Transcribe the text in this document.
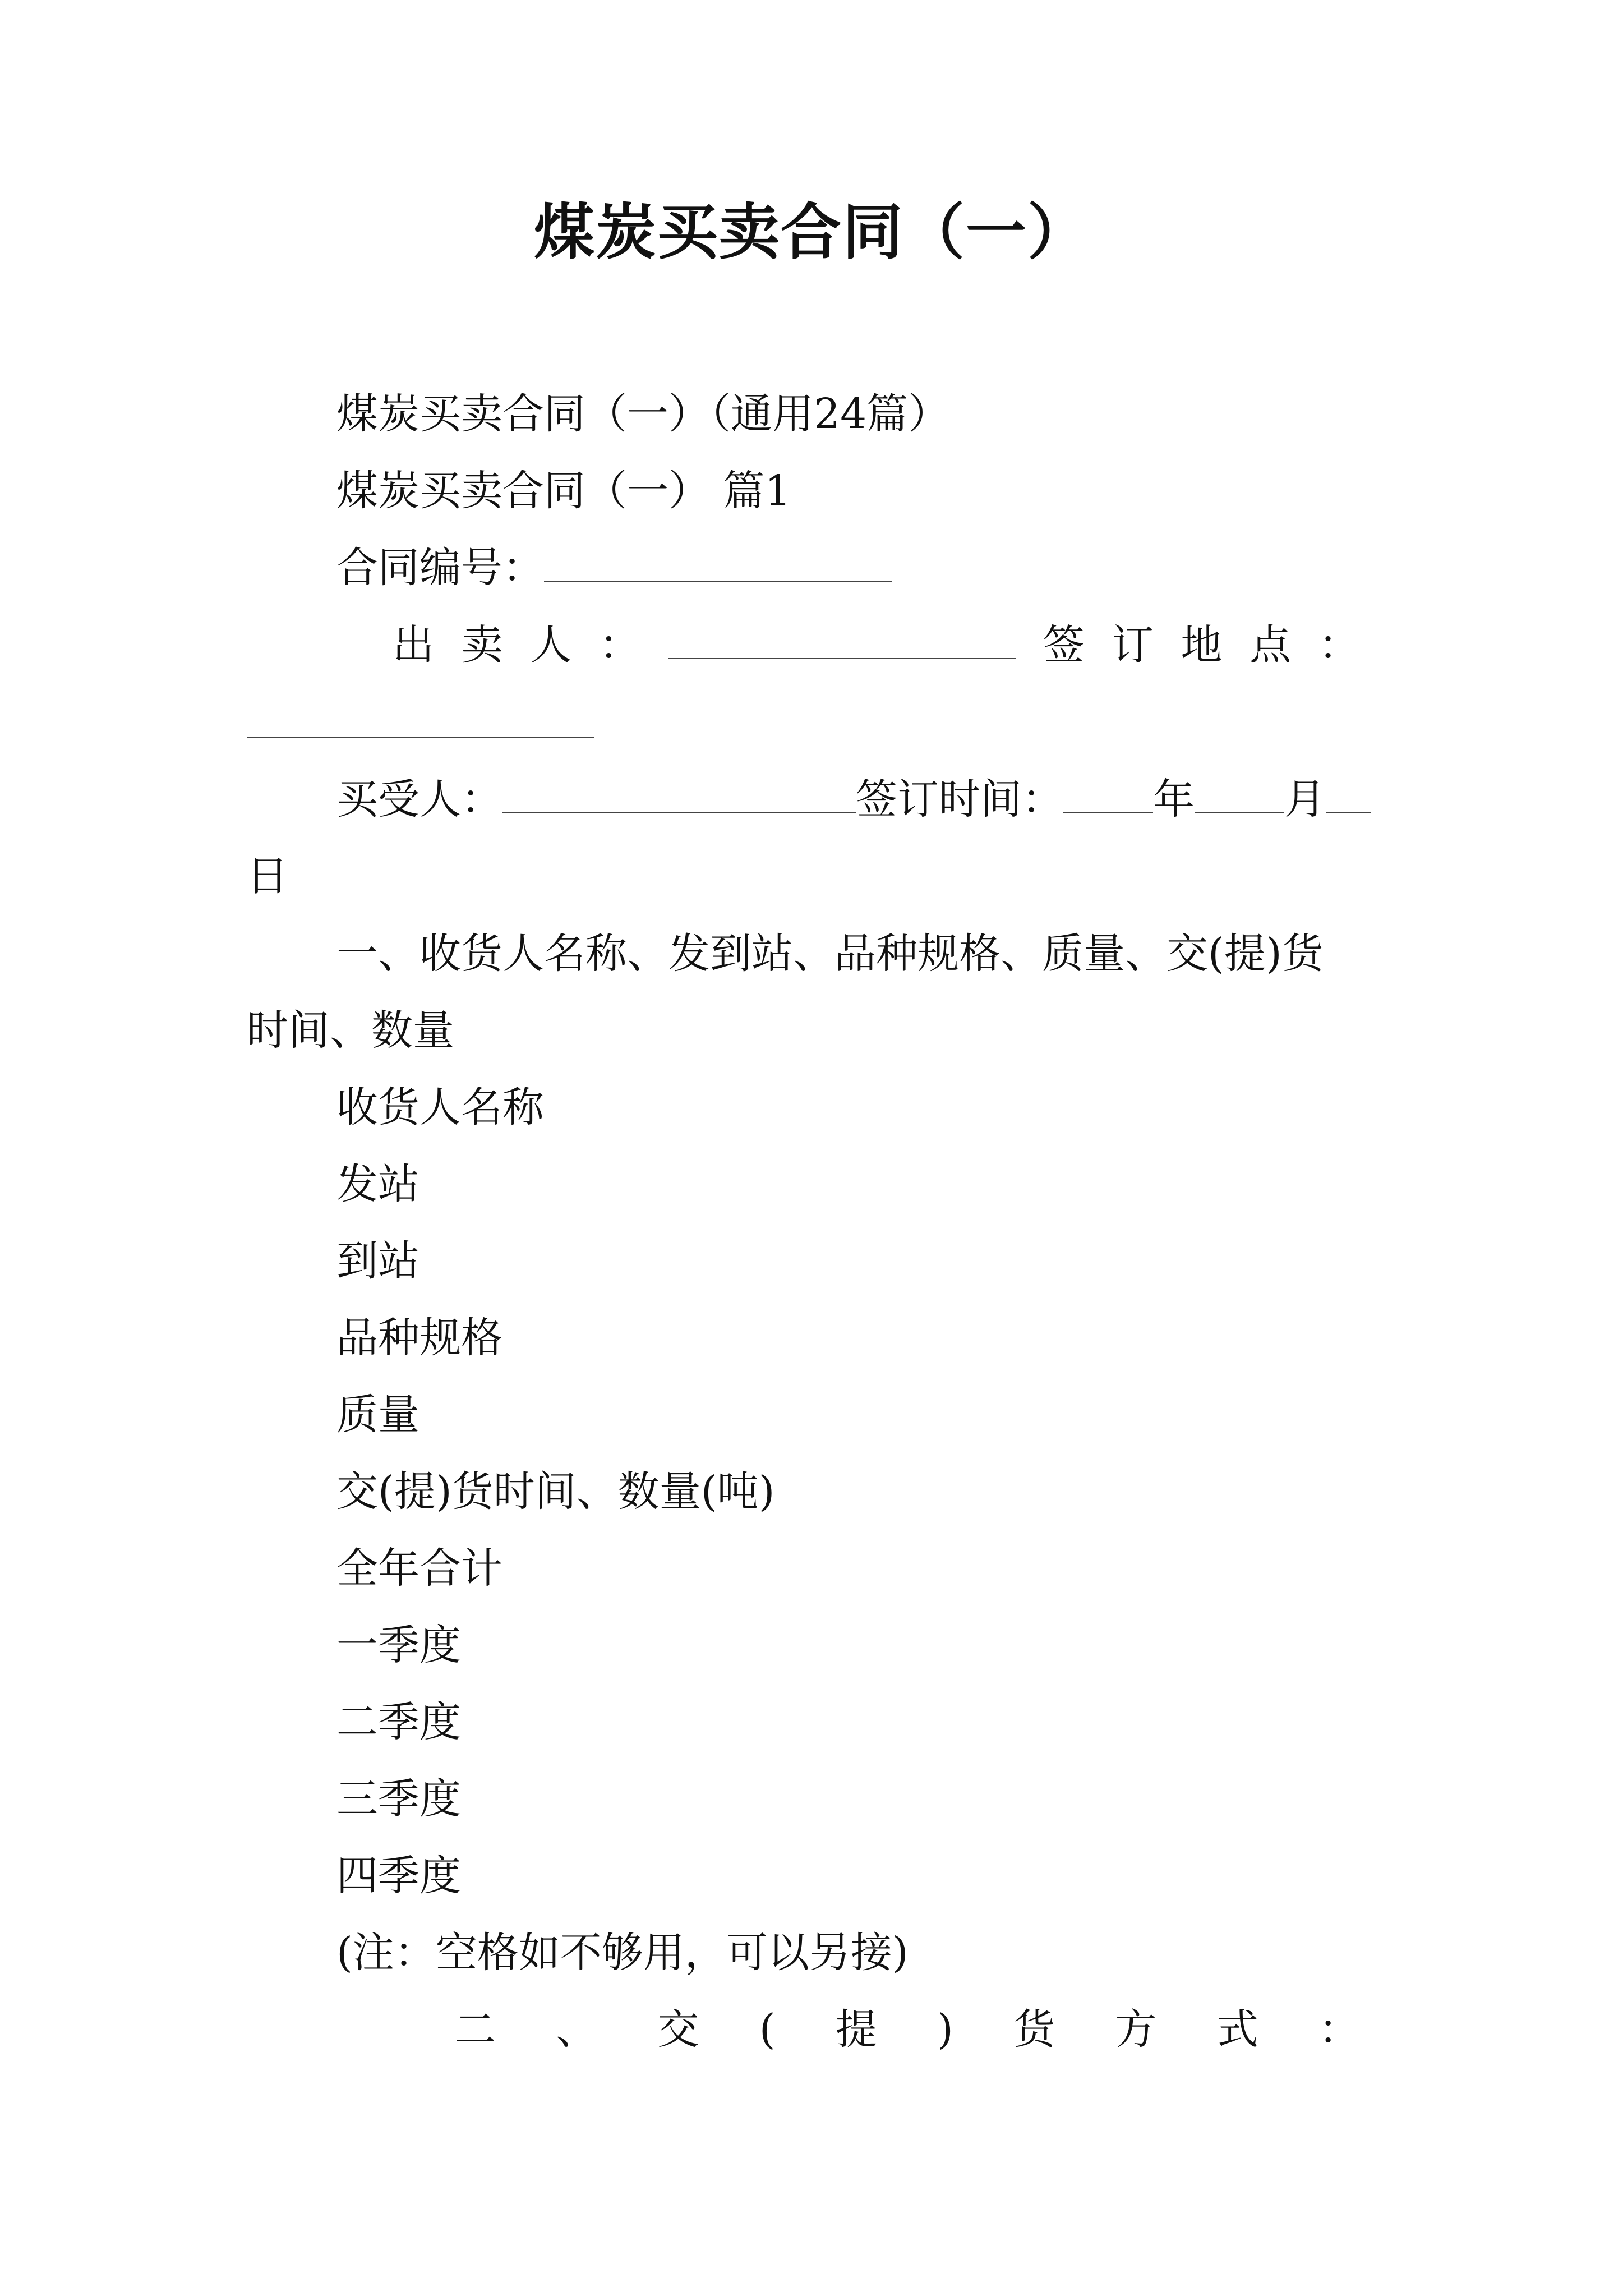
煤炭买卖合同（一）
煤炭买卖合同（一）（通用24篇）
煤炭买卖合同（一） 篇1
合同编号：
出 卖 人 ：	签 订 地 点 ：
买受人：	签订时间： 年 月
日
一、收货人名称、发到站、品种规格、质量、交(提)货
时间、数量
收货人名称
发站
到站
品种规格
质量
交(提)货时间、数量(吨)
全年合计
一季度
二季度
三季度
四季度
(注：空格如不够用，可以另接)
二 、 交 ( 提 ) 货 方 式 ：
